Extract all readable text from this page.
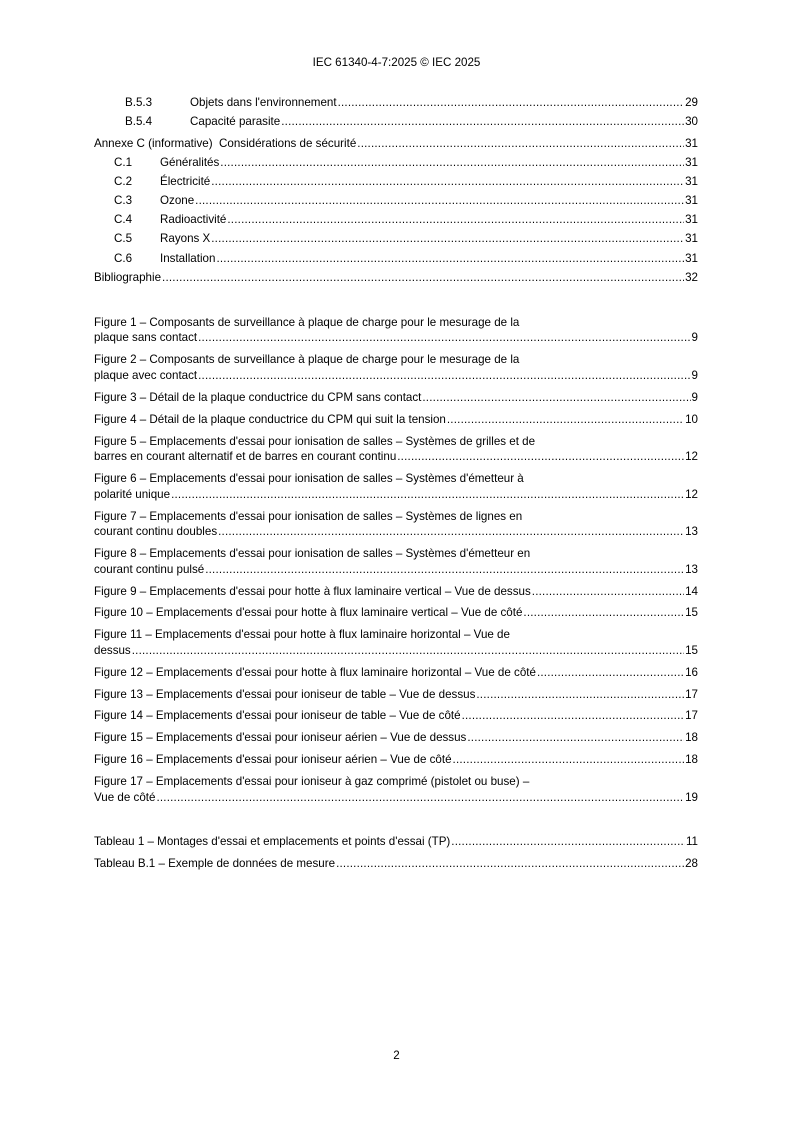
IEC 61340-4-7:2025 © IEC 2025
B.5.3	Objets dans l'environnement .....	29
B.5.4	Capacité parasite .....	30
Annexe C (informative)  Considérations de sécurité .....	31
C.1	Généralités .....	31
C.2	Électricité .....	31
C.3	Ozone .....	31
C.4	Radioactivité .....	31
C.5	Rayons X .....	31
C.6	Installation .....	31
Bibliographie .....	32
Figure 1 – Composants de surveillance à plaque de charge pour le mesurage de la
plaque sans contact .....	9
Figure 2 – Composants de surveillance à plaque de charge pour le mesurage de la
plaque avec contact .....	9
Figure 3 – Détail de la plaque conductrice du CPM sans contact .....	9
Figure 4 – Détail de la plaque conductrice du CPM qui suit la tension .....	10
Figure 5 – Emplacements d'essai pour ionisation de salles – Systèmes de grilles et de
barres en courant alternatif et de barres en courant continu .....	12
Figure 6 – Emplacements d'essai pour ionisation de salles – Systèmes d'émetteur à
polarité unique .....	12
Figure 7 – Emplacements d'essai pour ionisation de salles – Systèmes de lignes en
courant continu doubles .....	13
Figure 8 – Emplacements d'essai pour ionisation de salles – Systèmes d'émetteur en
courant continu pulsé .....	13
Figure 9 – Emplacements d'essai pour hotte à flux laminaire vertical – Vue de dessus .....	14
Figure 10 – Emplacements d'essai pour hotte à flux laminaire vertical – Vue de côté .....	15
Figure 11 – Emplacements d'essai pour hotte à flux laminaire horizontal – Vue de
dessus .....	15
Figure 12 – Emplacements d'essai pour hotte à flux laminaire horizontal – Vue de côté .....	16
Figure 13 – Emplacements d'essai pour ioniseur de table – Vue de dessus .....	17
Figure 14 – Emplacements d'essai pour ioniseur de table – Vue de côté .....	17
Figure 15 – Emplacements d'essai pour ioniseur aérien – Vue de dessus .....	18
Figure 16 – Emplacements d'essai pour ioniseur aérien – Vue de côté .....	18
Figure 17 – Emplacements d'essai pour ioniseur à gaz comprimé (pistolet ou buse) –
Vue de côté .....	19
Tableau 1 – Montages d'essai et emplacements et points d'essai (TP) .....	11
Tableau B.1 – Exemple de données de mesure .....	28
2
